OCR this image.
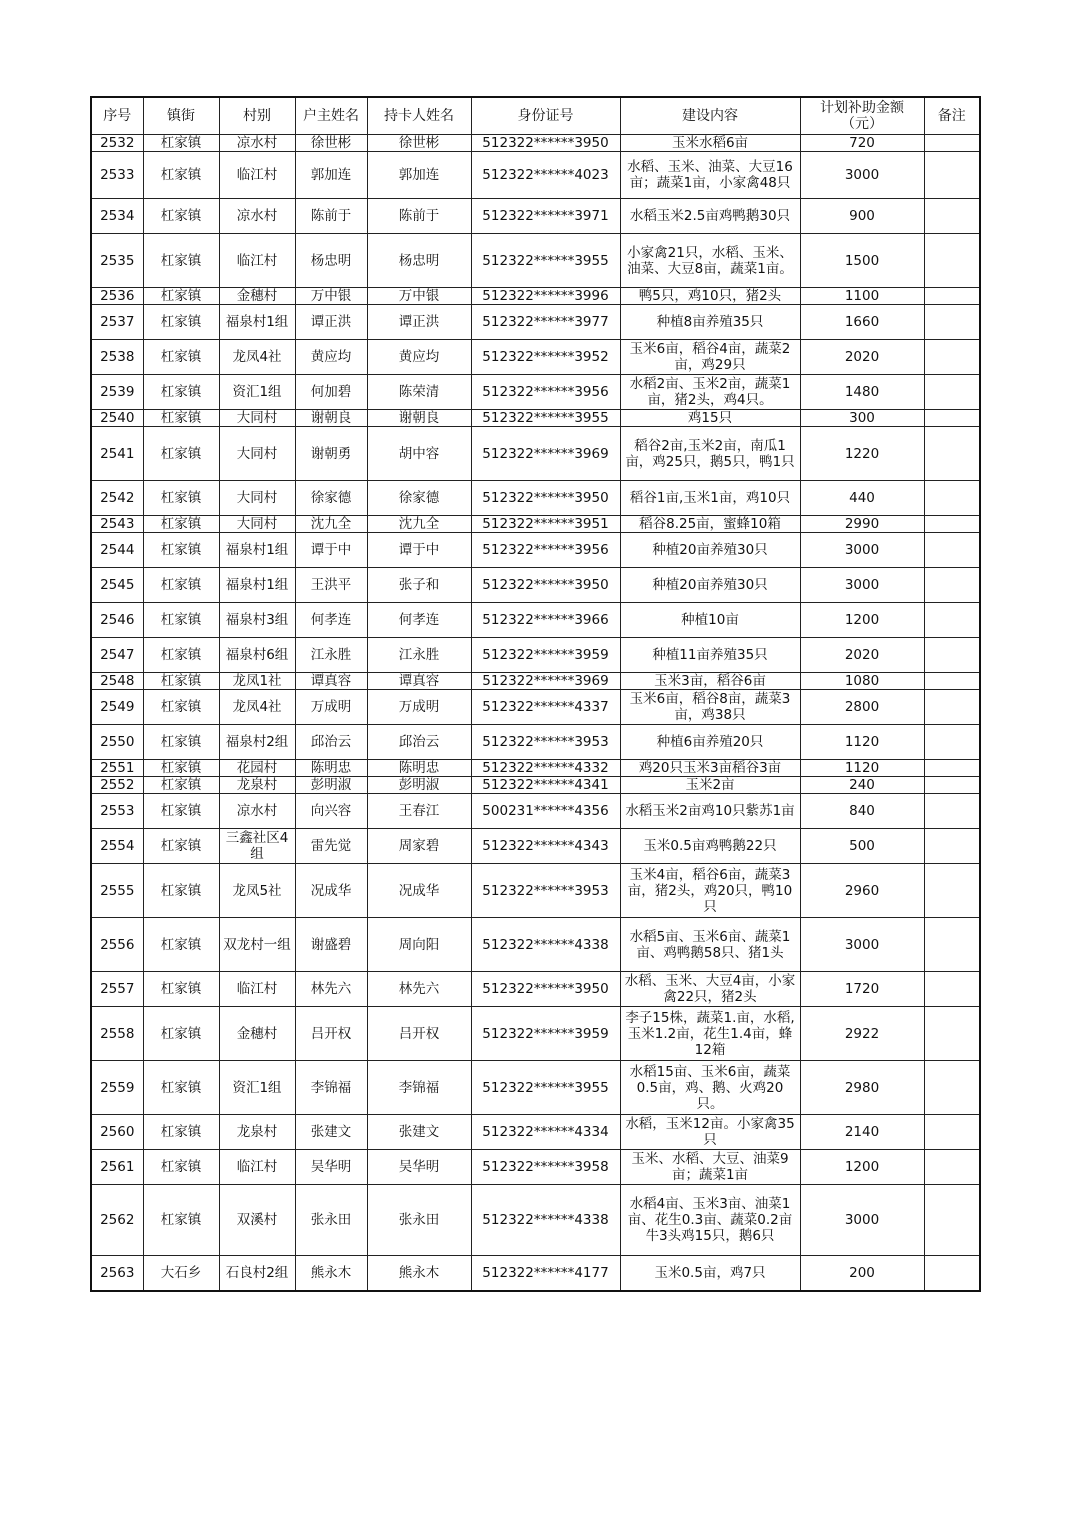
序号	镇街	村别	户主姓名	持卡人姓名	身份证号	建设内容	计划补助金额（元）	备注
2532	杠家镇	凉水村	徐世彬	徐世彬	512322******3950	玉米水稻6亩	720	
2533	杠家镇	临江村	郭加连	郭加连	512322******4023	水稻、玉米、油菜、大豆16亩；蔬菜1亩，小家禽48只	3000	
2534	杠家镇	凉水村	陈前于	陈前于	512322******3971	水稻玉米2.5亩鸡鸭鹅30只	900	
2535	杠家镇	临江村	杨忠明	杨忠明	512322******3955	小家禽21只，水稻、玉米、油菜、大豆8亩，蔬菜1亩。	1500	
2536	杠家镇	金穗村	万中银	万中银	512322******3996	鸭5只，鸡10只，猪2头	1100	
2537	杠家镇	福泉村1组	谭正洪	谭正洪	512322******3977	种植8亩养殖35只	1660	
2538	杠家镇	龙凤4社	黄应均	黄应均	512322******3952	玉米6亩，稻谷4亩，蔬菜2亩，鸡29只	2020	
2539	杠家镇	资汇1组	何加碧	陈荣清	512322******3956	水稻2亩、玉米2亩，蔬菜1亩，猪2头，鸡4只。	1480	
2540	杠家镇	大同村	谢朝良	谢朝良	512322******3955	鸡15只	300	
2541	杠家镇	大同村	谢朝勇	胡中容	512322******3969	稻谷2亩,玉米2亩，南瓜1亩，鸡25只，鹅5只，鸭1只	1220	
2542	杠家镇	大同村	徐家德	徐家德	512322******3950	稻谷1亩,玉米1亩，鸡10只	440	
2543	杠家镇	大同村	沈九全	沈九全	512322******3951	稻谷8.25亩，蜜蜂10箱	2990	
2544	杠家镇	福泉村1组	谭于中	谭于中	512322******3956	种植20亩养殖30只	3000	
2545	杠家镇	福泉村1组	王洪平	张子和	512322******3950	种植20亩养殖30只	3000	
2546	杠家镇	福泉村3组	何孝连	何孝连	512322******3966	种植10亩	1200	
2547	杠家镇	福泉村6组	江永胜	江永胜	512322******3959	种植11亩养殖35只	2020	
2548	杠家镇	龙凤1社	谭真容	谭真容	512322******3969	玉米3亩，稻谷6亩	1080	
2549	杠家镇	龙凤4社	万成明	万成明	512322******4337	玉米6亩，稻谷8亩，蔬菜3亩，鸡38只	2800	
2550	杠家镇	福泉村2组	邱治云	邱治云	512322******3953	种植6亩养殖20只	1120	
2551	杠家镇	花园村	陈明忠	陈明忠	512322******4332	鸡20只玉米3亩稻谷3亩	1120	
2552	杠家镇	龙泉村	彭明淑	彭明淑	512322******4341	玉米2亩	240	
2553	杠家镇	凉水村	向兴容	王春江	500231******4356	水稻玉米2亩鸡10只紫苏1亩	840	
2554	杠家镇	三鑫社区4组	雷先觉	周家碧	512322******4343	玉米0.5亩鸡鸭鹅22只	500	
2555	杠家镇	龙凤5社	况成华	况成华	512322******3953	玉米4亩，稻谷6亩，蔬菜3亩，猪2头，鸡20只，鸭10只	2960	
2556	杠家镇	双龙村一组	谢盛碧	周向阳	512322******4338	水稻5亩、玉米6亩、蔬菜1亩、鸡鸭鹅58只、猪1头	3000	
2557	杠家镇	临江村	林先六	林先六	512322******3950	水稻、玉米、大豆4亩，小家禽22只，猪2头	1720	
2558	杠家镇	金穗村	吕开权	吕开权	512322******3959	李子15株，蔬菜1.亩，水稻,玉米1.2亩，花生1.4亩，蜂12箱	2922	
2559	杠家镇	资汇1组	李锦福	李锦福	512322******3955	水稻15亩、玉米6亩，蔬菜0.5亩，鸡、鹅、火鸡20只。	2980	
2560	杠家镇	龙泉村	张建文	张建文	512322******4334	水稻，玉米12亩。小家禽35只	2140	
2561	杠家镇	临江村	吴华明	吴华明	512322******3958	玉米、水稻、大豆、油菜9亩；蔬菜1亩	1200	
2562	杠家镇	双溪村	张永田	张永田	512322******4338	水稻4亩、玉米3亩、油菜1亩、花生0.3亩、蔬菜0.2亩牛3头鸡15只，鹅6只	3000	
2563	大石乡	石良村2组	熊永木	熊永木	512322******4177	玉米0.5亩，鸡7只	200	
